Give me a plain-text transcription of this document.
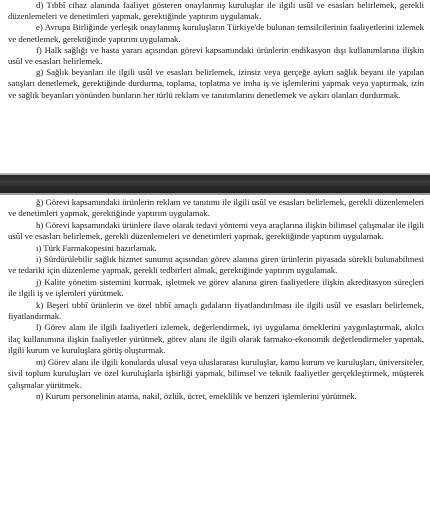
d) Tıbbî cihaz alanında faaliyet gösteren onaylanmış kuruluşlar ile ilgili usûl ve esasları belirlemek, gerekli düzenlemeleri ve denetimleri yapmak, gerektiğinde yaptırım uygulamak.

e) Avrupa Birliğinde yerleşik onaylanmış kuruluşların Türkiye'de bulunan temsilcilerinin faaliyetlerini izlemek ve denetlemek, gerektiğinde yaptırım uygulamak.

f) Halk sağlığı ve hasta yararı açısından görevi kapsamındaki ürünlerin endikasyon dışı kullanımlarına ilişkin usûl ve esasları belirlemek.

g) Sağlık beyanları ile ilgili usûl ve esasları belirlemek, izinsiz veya gerçeğe aykırı sağlık beyanı ile yapılan satışları denetlemek, gerektiğinde durdurma, toplama, toplatma ve imha iş ve işlemlerini yapmak veya yaptırmak, izin ve sağlık beyanları yönünden bunların her türlü reklam ve tanıtımlarını denetlemek ve aykırı olanları durdurmak.

ğ) Görevi kapsamındaki ürünlerin reklam ve tanıtımı ile ilgili usûl ve esasları belirlemek, gerekli düzenlemeleri ve denetimleri yapmak, gerektiğinde yaptırım uygulamak.

h) Görevi kapsamındaki ürünlere ilave olarak tedavi yöntemi veya araçlarına ilişkin bilimsel çalışmalar ile ilgili usûl ve esasları belirlemek, gerekli düzenlemeleri ve denetimleri yapmak, gerektiğinde yaptırım uygulamak.

ı) Türk Farmakopesini hazırlamak.

i) Sürdürülebilir sağlık hizmet sunumu açısından görev alanına giren ürünlerin piyasada sürekli bulunabilmesi ve tedariki için düzenleme yapmak, gerekli tedbirleri almak, gerektiğinde yaptırım uygulamak.

j) Kalite yönetim sistemini kurmak, işletmek ve görev alanına giren faaliyetlere ilişkin akreditasyon süreçleri ile ilgili iş ve işlemleri yürütmek.

k) Beşeri tıbbî ürünlerin ve özel tıbbî amaçlı gıdaların fiyatlandırılması ile ilgili usûl ve esasları belirlemek, fiyatlandırmak.

l) Görev alanı ile ilgili faaliyetleri izlemek, değerlendirmek, iyi uygulama örneklerini yaygınlaştırmak, akılcı ilaç kullanımına ilişkin faaliyetler yürütmek, görev alanı ile ilgili olarak farmako-ekonomik değerlendirmeler yapmak, ilgili kurum ve kuruluşlara görüş oluşturmak.

m) Görev alanı ile ilgili konularda ulusal veya uluslararası kuruluşlar, kamu kurum ve kuruluşları, üniversiteler, sivil toplum kuruluşları ve özel kuruluşlarla işbirliği yapmak, bilimsel ve teknik faaliyetler gerçekleştirmek, müşterek çalışmalar yürütmek.

n) Kurum personelinin atama, nakil, özlük, ücret, emeklilik ve benzeri işlemlerini yürütmek.
